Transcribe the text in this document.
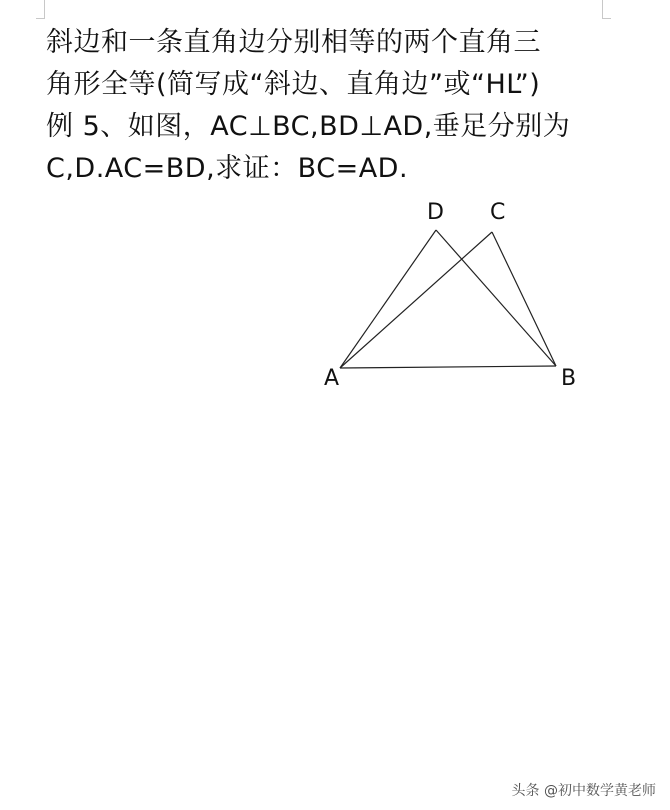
斜边和一条直角边分别相等的两个直角三
角形全等(简写成“斜边、直角边”或“HL”)
例 5、如图，AC⊥BC,BD⊥AD,垂足分别为
C,D.AC=BD,求证：BC=AD.
D C
A	B
头条 @初中数学黄老师
